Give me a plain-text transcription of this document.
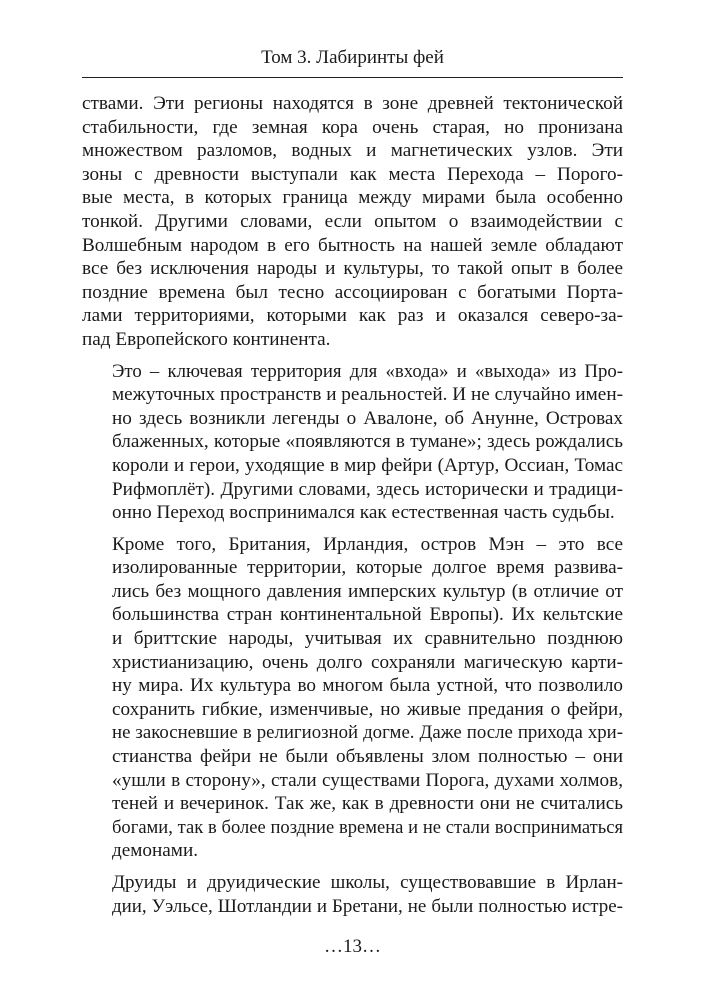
Том 3. Лабиринты фей

ствами. Эти регионы находятся в зоне древней тектонической
стабильности, где земная кора очень старая, но пронизана
множеством разломов, водных и магнетических узлов. Эти
зоны с древности выступали как места Перехода – Порого-
вые места, в которых граница между мирами была особенно
тонкой. Другими словами, если опытом о взаимодействии с
Волшебным народом в его бытность на нашей земле обладают
все без исключения народы и культуры, то такой опыт в более
поздние времена был тесно ассоциирован с богатыми Порта-
лами территориями, которыми как раз и оказался северо-за-
пад Европейского континента.

Это – ключевая территория для «входа» и «выхода» из Про-
межуточных пространств и реальностей. И не случайно имен-
но здесь возникли легенды о Авалоне, об Анунне, Островах
блаженных, которые «появляются в тумане»; здесь рождались
короли и герои, уходящие в мир фейри (Артур, Оссиан, Томас
Рифмоплёт). Другими словами, здесь исторически и традици-
онно Переход воспринимался как естественная часть судьбы.

Кроме того, Британия, Ирландия, остров Мэн – это все
изолированные территории, которые долгое время развива-
лись без мощного давления имперских культур (в отличие от
большинства стран континентальной Европы). Их кельтские
и бриттские народы, учитывая их сравнительно позднюю
христианизацию, очень долго сохраняли магическую карти-
ну мира. Их культура во многом была устной, что позволило
сохранить гибкие, изменчивые, но живые предания о фейри,
не закосневшие в религиозной догме. Даже после прихода хри-
стианства фейри не были объявлены злом полностью – они
«ушли в сторону», стали существами Порога, духами холмов,
теней и вечеринок. Так же, как в древности они не считались
богами, так в более поздние времена и не стали восприниматься
демонами.

Друиды и друидические школы, существовавшие в Ирлан-
дии, Уэльсе, Шотландии и Бретани, не были полностью истре-

…13…
